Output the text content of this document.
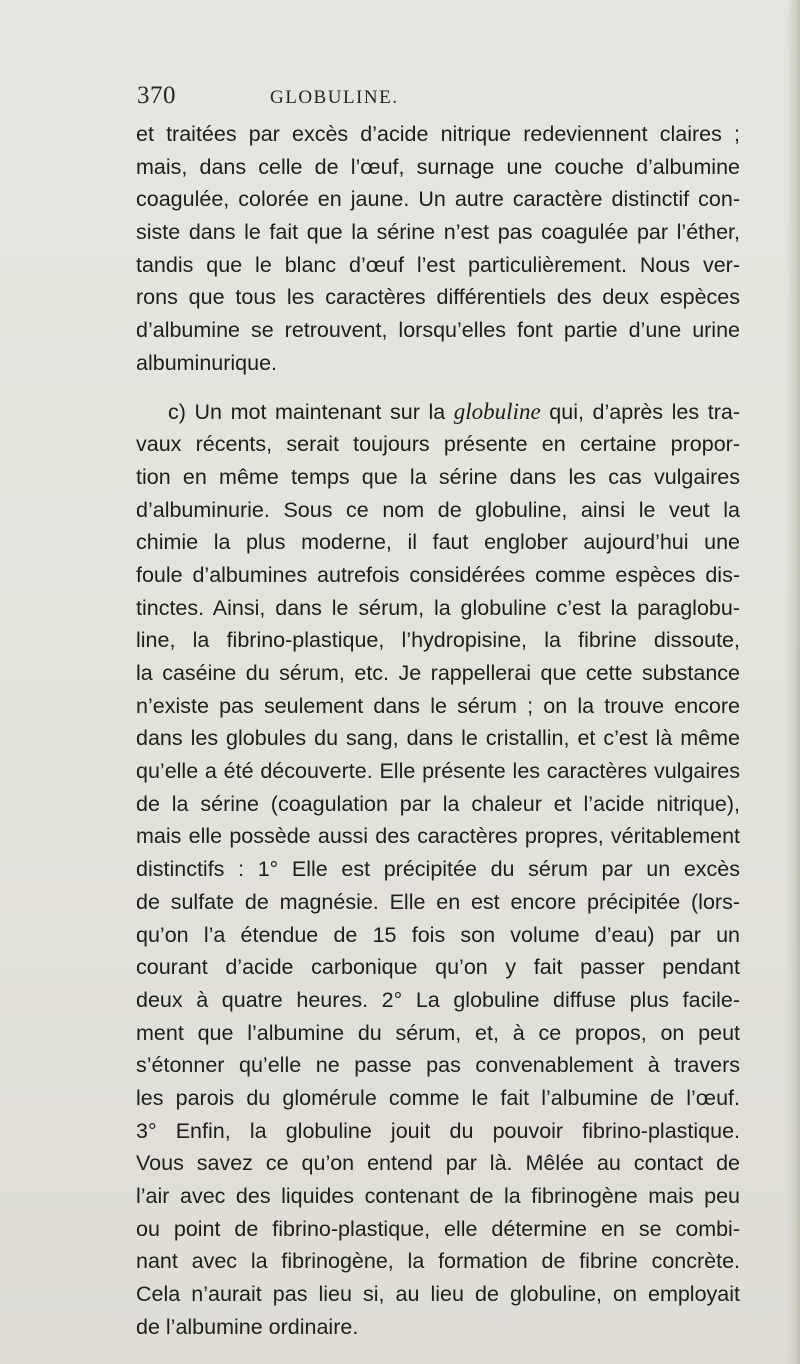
370	GLOBULINE.
et traitées par excès d’acide nitrique redeviennent claires ;
mais, dans celle de l’œuf, surnage une couche d’albumine
coagulée, colorée en jaune. Un autre caractère distinctif con-
siste dans le fait que la sérine n’est pas coagulée par l’éther,
tandis que le blanc d’œuf l’est particulièrement. Nous ver-
rons que tous les caractères différentiels des deux espèces
d’albumine se retrouvent, lorsqu’elles font partie d’une urine
albuminurique.
c) Un mot maintenant sur la globuline qui, d’après les tra-
vaux récents, serait toujours présente en certaine propor-
tion en même temps que la sérine dans les cas vulgaires
d’albuminurie. Sous ce nom de globuline, ainsi le veut la
chimie la plus moderne, il faut englober aujourd’hui une
foule d’albumines autrefois considérées comme espèces dis-
tinctes. Ainsi, dans le sérum, la globuline c’est la paraglobu-
line, la fibrino-plastique, l’hydropisine, la fibrine dissoute,
la caséine du sérum, etc. Je rappellerai que cette substance
n’existe pas seulement dans le sérum ; on la trouve encore
dans les globules du sang, dans le cristallin, et c’est là même
qu’elle a été découverte. Elle présente les caractères vulgaires
de la sérine (coagulation par la chaleur et l’acide nitrique),
mais elle possède aussi des caractères propres, véritablement
distinctifs : 1° Elle est précipitée du sérum par un excès
de sulfate de magnésie. Elle en est encore précipitée (lors-
qu’on l’a étendue de 15 fois son volume d’eau) par un
courant d’acide carbonique qu’on y fait passer pendant
deux à quatre heures. 2° La globuline diffuse plus facile-
ment que l’albumine du sérum, et, à ce propos, on peut
s’étonner qu’elle ne passe pas convenablement à travers
les parois du glomérule comme le fait l’albumine de l’œuf.
3° Enfin, la globuline jouit du pouvoir fibrino-plastique.
Vous savez ce qu’on entend par là. Mêlée au contact de
l’air avec des liquides contenant de la fibrinogène mais peu
ou point de fibrino-plastique, elle détermine en se combi-
nant avec la fibrinogène, la formation de fibrine concrète.
Cela n’aurait pas lieu si, au lieu de globuline, on employait
de l’albumine ordinaire.
